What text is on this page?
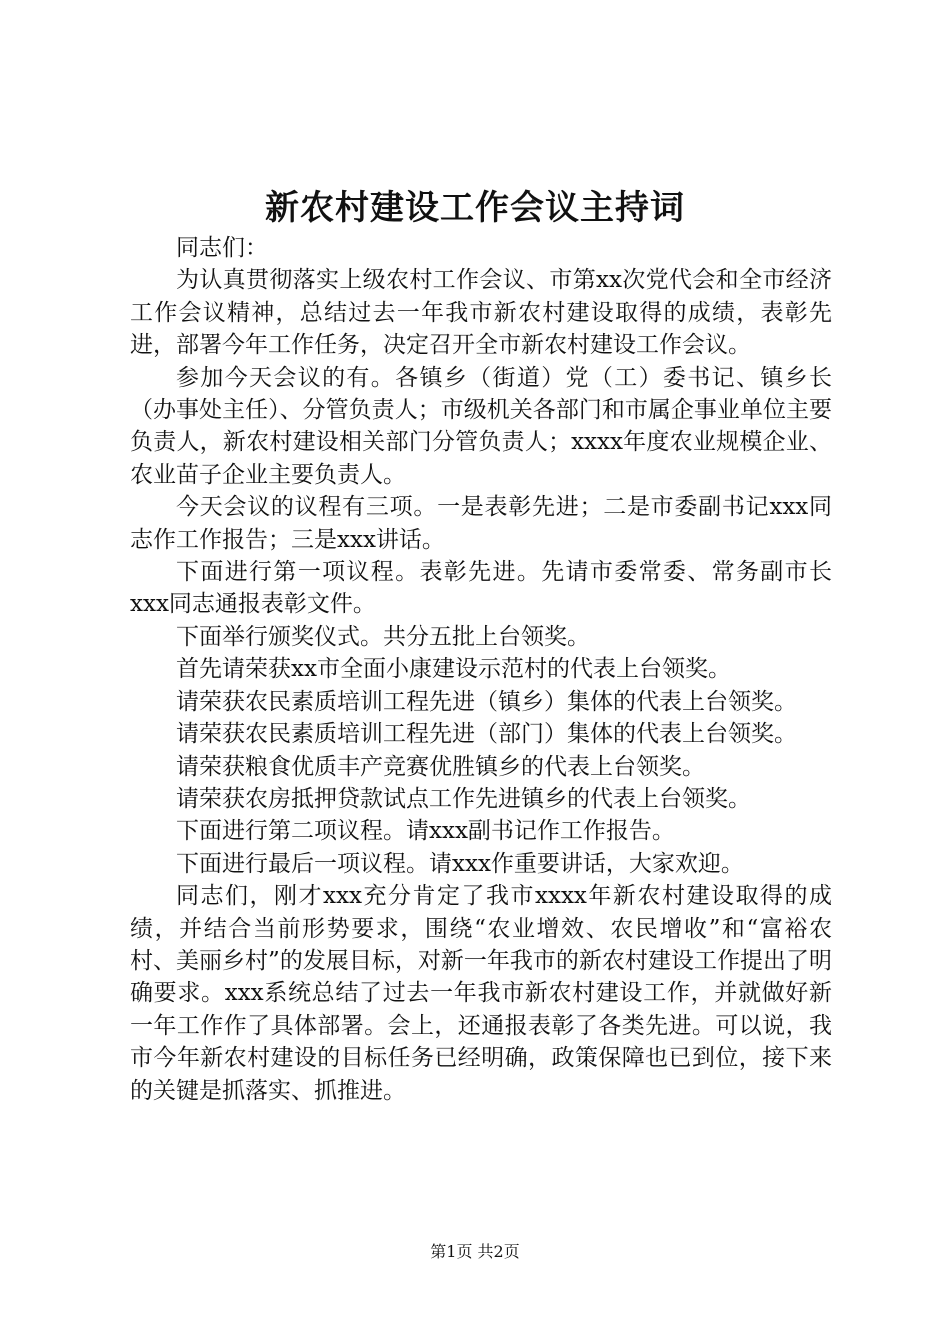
新农村建设工作会议主持词

同志们：

为认真贯彻落实上级农村工作会议、市第xx次党代会和全市经济工作会议精神，总结过去一年我市新农村建设取得的成绩，表彰先进，部署今年工作任务，决定召开全市新农村建设工作会议。

参加今天会议的有。各镇乡（街道）党（工）委书记、镇乡长（办事处主任）、分管负责人；市级机关各部门和市属企事业单位主要负责人，新农村建设相关部门分管负责人；xxxx年度农业规模企业、农业苗子企业主要负责人。

今天会议的议程有三项。一是表彰先进；二是市委副书记xxx同志作工作报告；三是xxx讲话。

下面进行第一项议程。表彰先进。先请市委常委、常务副市长xxx同志通报表彰文件。

下面举行颁奖仪式。共分五批上台领奖。

首先请荣获xx市全面小康建设示范村的代表上台领奖。

请荣获农民素质培训工程先进（镇乡）集体的代表上台领奖。

请荣获农民素质培训工程先进（部门）集体的代表上台领奖。

请荣获粮食优质丰产竞赛优胜镇乡的代表上台领奖。

请荣获农房抵押贷款试点工作先进镇乡的代表上台领奖。

下面进行第二项议程。请xxx副书记作工作报告。

下面进行最后一项议程。请xxx作重要讲话，大家欢迎。

同志们，刚才xxx充分肯定了我市xxxx年新农村建设取得的成绩，并结合当前形势要求，围绕“农业增效、农民增收”和“富裕农村、美丽乡村”的发展目标，对新一年我市的新农村建设工作提出了明确要求。xxx系统总结了过去一年我市新农村建设工作，并就做好新一年工作作了具体部署。会上，还通报表彰了各类先进。可以说，我市今年新农村建设的目标任务已经明确，政策保障也已到位，接下来的关键是抓落实、抓推进。

第1页 共2页
